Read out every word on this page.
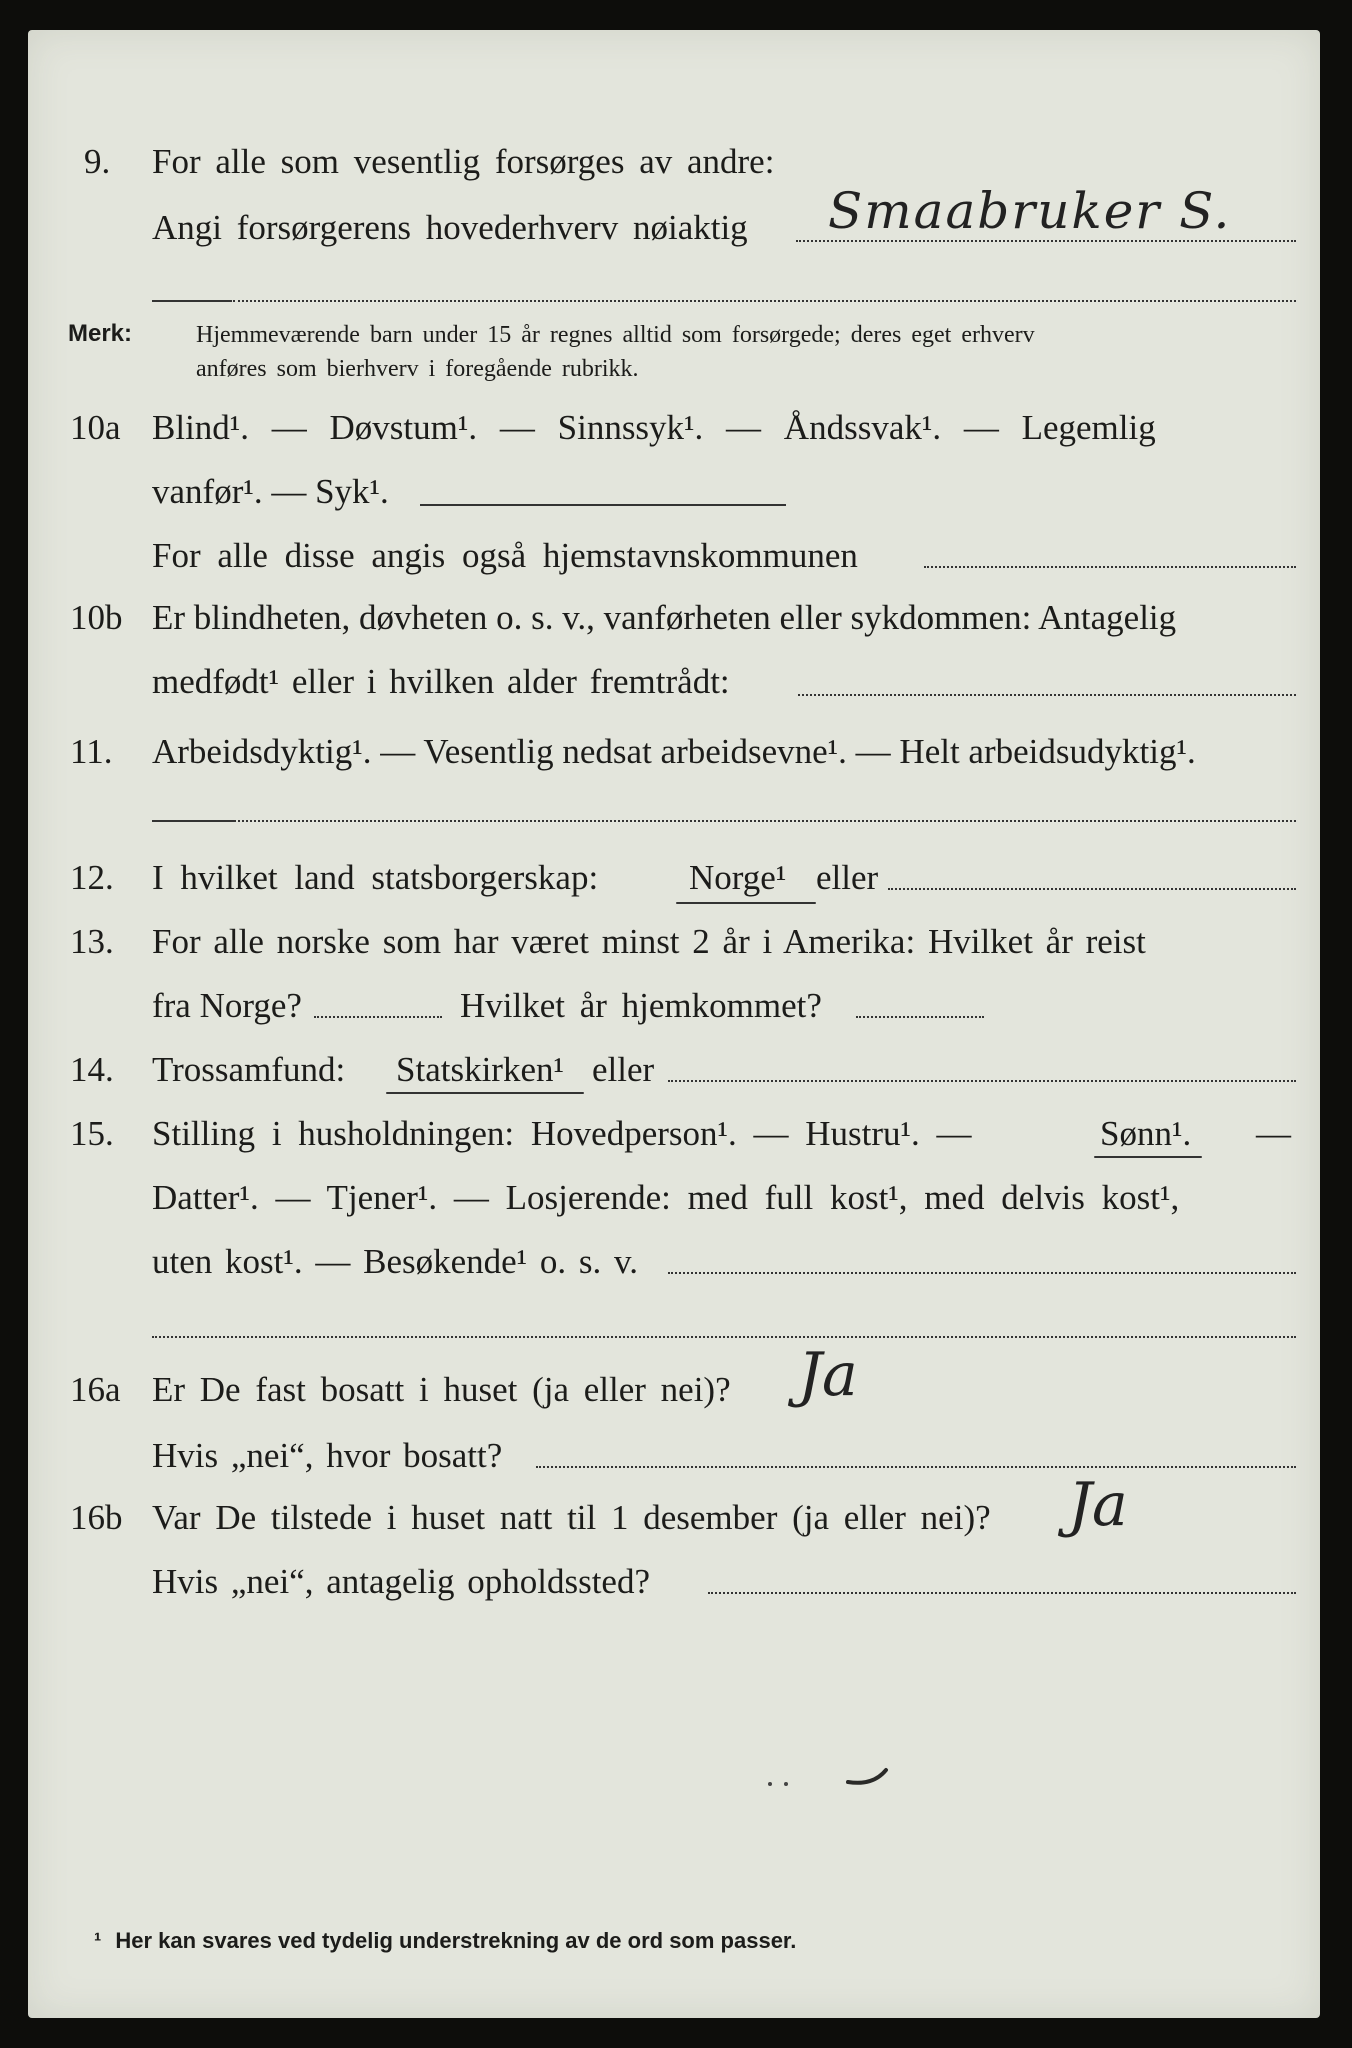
9. For alle som vesentlig forsørges av andre:
Angi forsørgerens hovederhverv nøiaktig Smaabruker S.
Merk:	Hjemmeværende barn under 15 år regnes alltid som forsørgede; deres eget erhverv
anføres som bierhverv i foregående rubrikk.
10a Blind¹. — Døvstum¹. — Sinnssyk¹. — Åndssvak¹. — Legemlig
vanfør¹. — Syk¹.
For alle disse angis også hjemstavnskommunen
10b Er blindheten, døvheten o. s. v., vanførheten eller sykdommen: Antagelig
medfødt¹ eller i hvilken alder fremtrådt:
11. Arbeidsdyktig¹. — Vesentlig nedsat arbeidsevne¹. — Helt arbeidsudyktig¹.
12. I hvilket land statsborgerskap:	Norge¹ eller
13. For alle norske som har været minst 2 år i Amerika: Hvilket år reist
fra Norge?	Hvilket år hjemkommet?
14. Trossamfund: Statskirken¹ eller
15. Stilling i husholdningen: Hovedperson¹. — Hustru¹. —	Sønn¹. —
Datter¹. — Tjener¹. — Losjerende: med full kost¹, med delvis kost¹,
uten kost¹. — Besøkende¹ o. s. v.
16a Er De fast bosatt i huset (ja eller nei)? Ja
Hvis „nei“, hvor bosatt?
16b Var De tilstede i huset natt til 1 desember (ja eller nei)? Ja
Hvis „nei“, antagelig opholdssted?
¹ Her kan svares ved tydelig understrekning av de ord som passer.
